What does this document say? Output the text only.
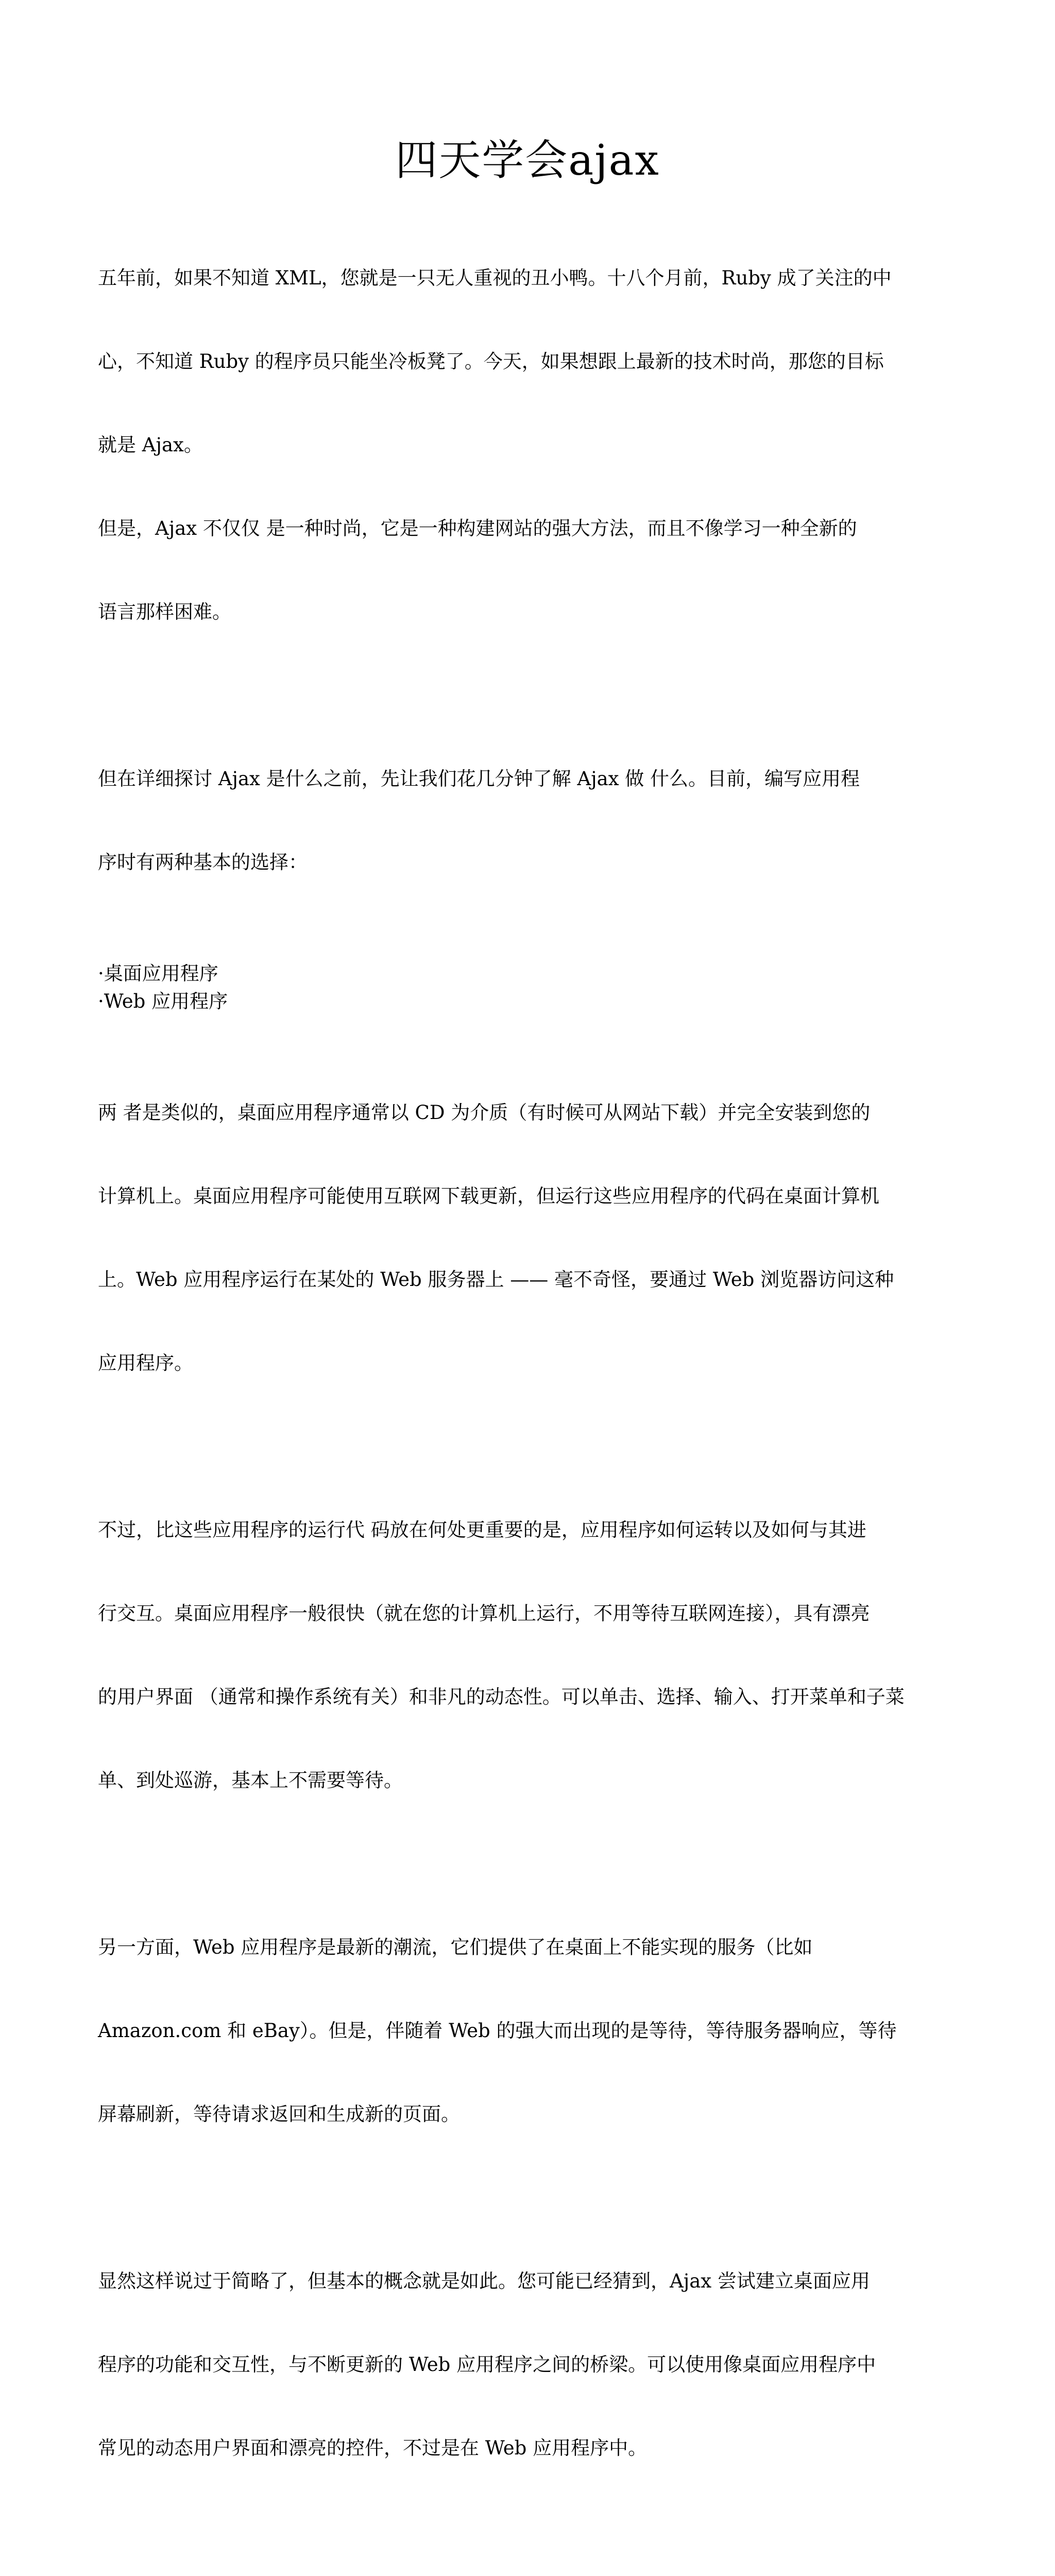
四天学会ajax

五年前，如果不知道 XML，您就是一只无人重视的丑小鸭。十八个月前，Ruby 成了关注的中

心，不知道 Ruby 的程序员只能坐冷板凳了。今天，如果想跟上最新的技术时尚，那您的目标

就是 Ajax。

但是，Ajax 不仅仅 是一种时尚，它是一种构建网站的强大方法，而且不像学习一种全新的

语言那样困难。

但在详细探讨 Ajax 是什么之前，先让我们花几分钟了解 Ajax 做 什么。目前，编写应用程

序时有两种基本的选择：

·桌面应用程序
·Web 应用程序

两 者是类似的，桌面应用程序通常以 CD 为介质（有时候可从网站下载）并完全安装到您的

计算机上。桌面应用程序可能使用互联网下载更新，但运行这些应用程序的代码在桌面计算机

上。Web 应用程序运行在某处的 Web 服务器上 —— 毫不奇怪，要通过 Web 浏览器访问这种

应用程序。

不过，比这些应用程序的运行代 码放在何处更重要的是，应用程序如何运转以及如何与其进

行交互。桌面应用程序一般很快（就在您的计算机上运行，不用等待互联网连接），具有漂亮

的用户界面 （通常和操作系统有关）和非凡的动态性。可以单击、选择、输入、打开菜单和子菜

单、到处巡游，基本上不需要等待。

另一方面，Web 应用程序是最新的潮流，它们提供了在桌面上不能实现的服务（比如

Amazon.com 和 eBay）。但是，伴随着 Web 的强大而出现的是等待，等待服务器响应，等待

屏幕刷新，等待请求返回和生成新的页面。

显然这样说过于简略了，但基本的概念就是如此。您可能已经猜到，Ajax 尝试建立桌面应用

程序的功能和交互性，与不断更新的 Web 应用程序之间的桥梁。可以使用像桌面应用程序中

常见的动态用户界面和漂亮的控件，不过是在 Web 应用程序中。
